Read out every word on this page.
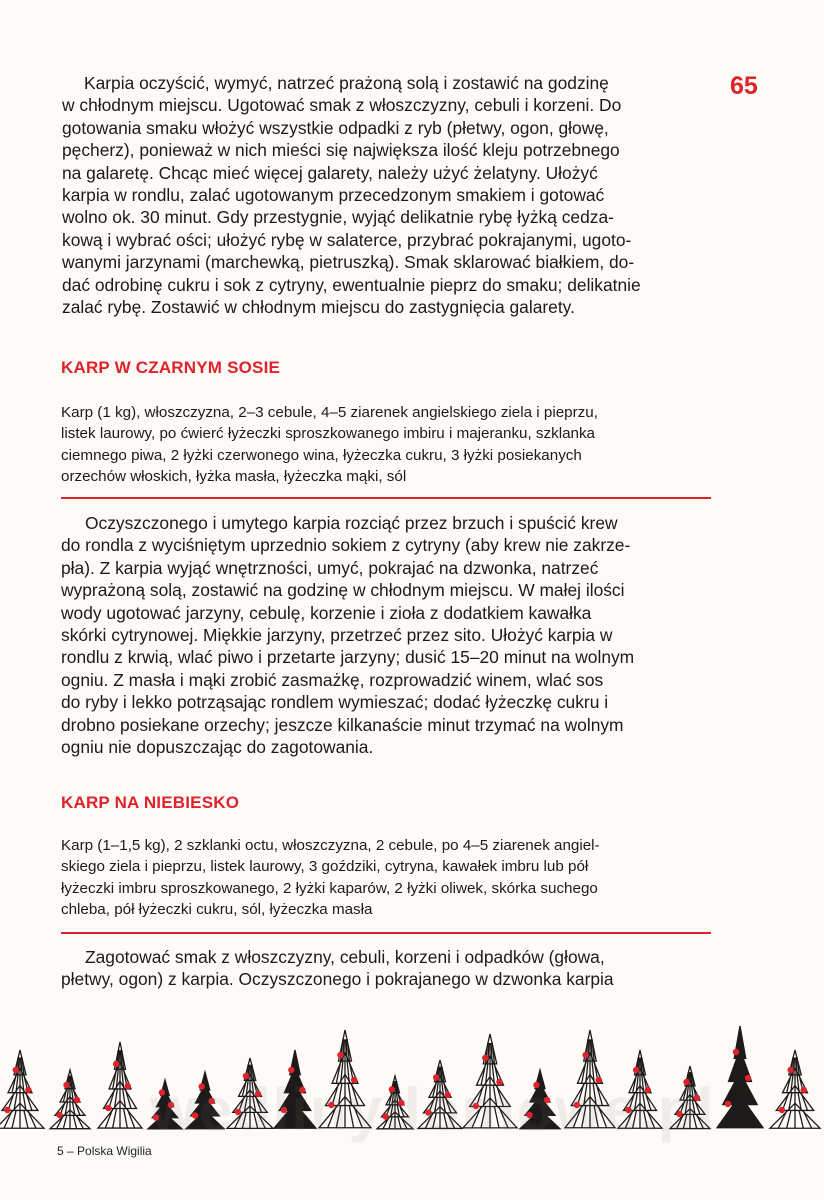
65

Karpia oczyścić, wymyć, natrzeć prażoną solą i zostawić na godzinę
w chłodnym miejscu. Ugotować smak z włoszczyzny, cebuli i korzeni. Do
gotowania smaku włożyć wszystkie odpadki z ryb (płetwy, ogon, głowę,
pęcherz), ponieważ w nich mieści się największa ilość kleju potrzebnego
na galaretę. Chcąc mieć więcej galarety, należy użyć żelatyny. Ułożyć
karpia w rondlu, zalać ugotowanym przecedzonym smakiem i gotować
wolno ok. 30 minut. Gdy przestygnie, wyjąć delikatnie rybę łyżką cedza-
kową i wybrać ości; ułożyć rybę w salaterce, przybrać pokrajanymi, ugoto-
wanymi jarzynami (marchewką, pietruszką). Smak sklarować białkiem, do-
dać odrobinę cukru i sok z cytryny, ewentualnie pieprz do smaku; delikatnie
zalać rybę. Zostawić w chłodnym miejscu do zastygnięcia galarety.

KARP W CZARNYM SOSIE

Karp (1 kg), włoszczyzna, 2–3 cebule, 4–5 ziarenek angielskiego ziela i pieprzu,
listek laurowy, po ćwierć łyżeczki sproszkowanego imbiru i majeranku, szklanka
ciemnego piwa, 2 łyżki czerwonego wina, łyżeczka cukru, 3 łyżki posiekanych
orzechów włoskich, łyżka masła, łyżeczka mąki, sól

Oczyszczonego i umytego karpia rozciąć przez brzuch i spuścić krew
do rondla z wyciśniętym uprzednio sokiem z cytryny (aby krew nie zakrze-
pła). Z karpia wyjąć wnętrzności, umyć, pokrajać na dzwonka, natrzeć
wyprażoną solą, zostawić na godzinę w chłodnym miejscu. W małej ilości
wody ugotować jarzyny, cebulę, korzenie i zioła z dodatkiem kawałka
skórki cytrynowej. Miękkie jarzyny, przetrzeć przez sito. Ułożyć karpia w
rondlu z krwią, wlać piwo i przetarte jarzyny; dusić 15–20 minut na wolnym
ogniu. Z masła i mąki zrobić zasmażkę, rozprowadzić winem, wlać sos
do ryby i lekko potrząsając rondlem wymieszać; dodać łyżeczkę cukru i
drobno posiekane orzechy; jeszcze kilkanaście minut trzymać na wolnym
ogniu nie dopuszczając do zagotowania.

KARP NA NIEBIESKO

Karp (1–1,5 kg), 2 szklanki octu, włoszczyzna, 2 cebule, po 4–5 ziarenek angiel-
skiego ziela i pieprzu, listek laurowy, 3 goździki, cytryna, kawałek imbru lub pół
łyżeczki imbru sproszkowanego, 2 łyżki kaparów, 2 łyżki oliwek, skórka suchego
chleba, pół łyżeczki cukru, sól, łyżeczka masła

Zagotować smak z włoszczyzny, cebuli, korzeni i odpadków (głowa,
płetwy, ogon) z karpia. Oczyszczonego i pokrajanego w dzwonka karpia

wedlinydomowe.pl
5 – Polska Wigilia
